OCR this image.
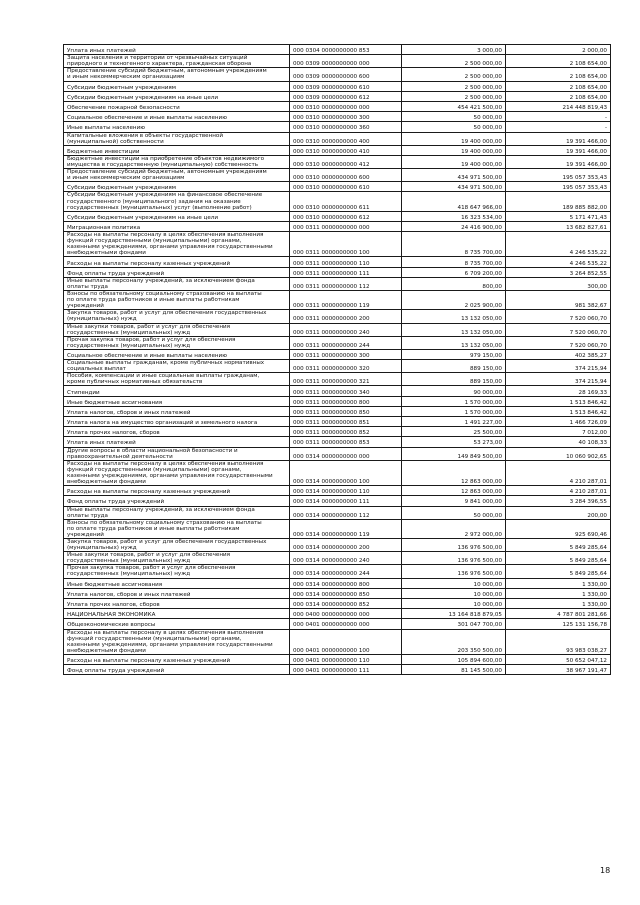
Уплата иных платежей	000 0304 0000000000 853	3 000,00	2 000,00
Защита населения и территории от чрезвычайных ситуаций
природного и техногенного характера, гражданская оборона	000 0309 0000000000 000	2 500 000,00	2 108 654,00
Предоставление субсидий бюджетным, автономным учреждениям
и иным некоммерческим организациям	000 0309 0000000000 600	2 500 000,00	2 108 654,00
Субсидии бюджетным учреждениям	000 0309 0000000000 610	2 500 000,00	2 108 654,00
Субсидии бюджетным учреждениям на иные цели	000 0309 0000000000 612	2 500 000,00	2 108 654,00
Обеспечение пожарной безопасности	000 0310 0000000000 000	454 421 500,00	214 448 819,43
Социальное обеспечение и иные выплаты населению	000 0310 0000000000 300	50 000,00	-
Иные выплаты населению	000 0310 0000000000 360	50 000,00	-
Капитальные вложения в объекты государственной
(муниципальной) собственности	000 0310 0000000000 400	19 400 000,00	19 391 466,00
Бюджетные инвестиции	000 0310 0000000000 410	19 400 000,00	19 391 466,00
Бюджетные инвестиции на приобретение объектов недвижимого
имущества в государственную (муниципальную) собственность	000 0310 0000000000 412	19 400 000,00	19 391 466,00
Предоставление субсидий бюджетным, автономным учреждениям
и иным некоммерческим организациям	000 0310 0000000000 600	434 971 500,00	195 057 353,43
Субсидии бюджетным учреждениям	000 0310 0000000000 610	434 971 500,00	195 057 353,43
Субсидии бюджетным учреждениям на финансовое обеспечение
государственного (муниципального) задания на оказание
государственных (муниципальных) услуг (выполнение работ)	000 0310 0000000000 611	418 647 966,00	189 885 882,00
Субсидии бюджетным учреждениям на иные цели	000 0310 0000000000 612	16 323 534,00	5 171 471,43
Миграционная политика	000 0311 0000000000 000	24 416 900,00	13 682 827,61
Расходы на выплаты персоналу в целях обеспечения выполнения
функций государственными (муниципальными) органами,
казенными учреждениями, органами управления государственными
внебюджетными фондами	000 0311 0000000000 100	8 735 700,00	4 246 535,22
Расходы на выплаты персоналу казенных учреждений	000 0311 0000000000 110	8 735 700,00	4 246 535,22
Фонд оплаты труда учреждений	000 0311 0000000000 111	6 709 200,00	3 264 852,55
Иные выплаты персоналу учреждений, за исключением фонда
оплаты труда	000 0311 0000000000 112	800,00	300,00
Взносы по обязательному социальному страхованию на выплаты
по оплате труда работников и иные выплаты работникам
учреждений	000 0311 0000000000 119	2 025 900,00	981 382,67
Закупка товаров, работ и услуг для обеспечения государственных
(муниципальных) нужд	000 0311 0000000000 200	13 132 050,00	7 520 060,70
Иные закупки товаров, работ и услуг для обеспечения
государственных (муниципальных) нужд	000 0311 0000000000 240	13 132 050,00	7 520 060,70
Прочая закупка товаров, работ и услуг для обеспечения
государственных (муниципальных) нужд	000 0311 0000000000 244	13 132 050,00	7 520 060,70
Социальное обеспечение и иные выплаты населению	000 0311 0000000000 300	979 150,00	402 385,27
Социальные выплаты гражданам, кроме публичных нормативных
социальных выплат	000 0311 0000000000 320	889 150,00	374 215,94
Пособия, компенсации и иные социальные выплаты гражданам,
кроме публичных нормативных обязательств	000 0311 0000000000 321	889 150,00	374 215,94
Стипендии	000 0311 0000000000 340	90 000,00	28 169,33
Иные бюджетные ассигнования	000 0311 0000000000 800	1 570 000,00	1 513 846,42
Уплата налогов, сборов и иных платежей	000 0311 0000000000 850	1 570 000,00	1 513 846,42
Уплата налога на имущество организаций и земельного налога	000 0311 0000000000 851	1 491 227,00	1 466 726,09
Уплата прочих налогов, сборов	000 0311 0000000000 852	25 500,00	7 012,00
Уплата иных платежей	000 0311 0000000000 853	53 273,00	40 108,33
Другие вопросы в области национальной безопасности и
правоохранительной деятельности	000 0314 0000000000 000	149 849 500,00	10 060 902,65
Расходы на выплаты персоналу в целях обеспечения выполнения
функций государственными (муниципальными) органами,
казенными учреждениями, органами управления государственными
внебюджетными фондами	000 0314 0000000000 100	12 863 000,00	4 210 287,01
Расходы на выплаты персоналу казенных учреждений	000 0314 0000000000 110	12 863 000,00	4 210 287,01
Фонд оплаты труда учреждений	000 0314 0000000000 111	9 841 000,00	3 284 396,55
Иные выплаты персоналу учреждений, за исключением фонда
оплаты труда	000 0314 0000000000 112	50 000,00	200,00
Взносы по обязательному социальному страхованию на выплаты
по оплате труда работников и иные выплаты работникам
учреждений	000 0314 0000000000 119	2 972 000,00	925 690,46
Закупка товаров, работ и услуг для обеспечения государственных
(муниципальных) нужд	000 0314 0000000000 200	136 976 500,00	5 849 285,64
Иные закупки товаров, работ и услуг для обеспечения
государственных (муниципальных) нужд	000 0314 0000000000 240	136 976 500,00	5 849 285,64
Прочая закупка товаров, работ и услуг для обеспечения
государственных (муниципальных) нужд	000 0314 0000000000 244	136 976 500,00	5 849 285,64
Иные бюджетные ассигнования	000 0314 0000000000 800	10 000,00	1 330,00
Уплата налогов, сборов и иных платежей	000 0314 0000000000 850	10 000,00	1 330,00
Уплата прочих налогов, сборов	000 0314 0000000000 852	10 000,00	1 330,00
НАЦИОНАЛЬНАЯ ЭКОНОМИКА	000 0400 0000000000 000	13 164 818 879,05	4 787 801 281,66
Общеэкономические вопросы	000 0401 0000000000 000	301 047 700,00	125 131 156,78
Расходы на выплаты персоналу в целях обеспечения выполнения
функций государственными (муниципальными) органами,
казенными учреждениями, органами управления государственными
внебюджетными фондами	000 0401 0000000000 100	203 350 500,00	93 983 038,27
Расходы на выплаты персоналу казенных учреждений	000 0401 0000000000 110	105 894 600,00	50 652 047,12
Фонд оплаты труда учреждений	000 0401 0000000000 111	81 145 500,00	38 967 191,47
18
